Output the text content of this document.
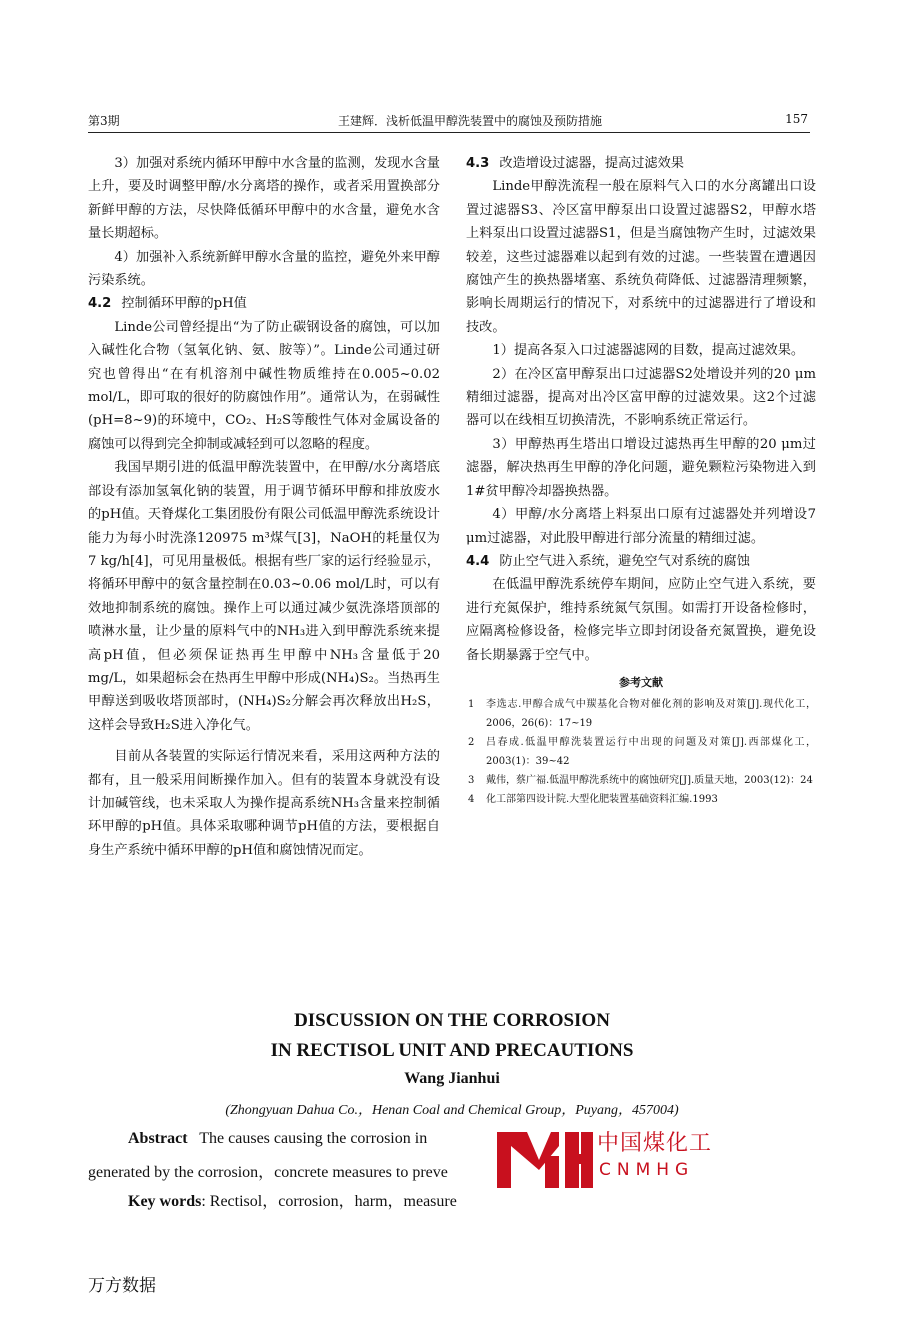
第3期	王建辉．浅析低温甲醇洗装置中的腐蚀及预防措施	157

3）加强对系统内循环甲醇中水含量的监测，发现水含量上升，要及时调整甲醇/水分离塔的操作，或者采用置换部分新鲜甲醇的方法，尽快降低循环甲醇中的水含量，避免水含量长期超标。

4）加强补入系统新鲜甲醇水含量的监控，避免外来甲醇污染系统。

4.2 控制循环甲醇的pH值

Linde公司曾经提出“为了防止碳钢设备的腐蚀，可以加入碱性化合物（氢氧化钠、氨、胺等）”。Linde公司通过研究也曾得出“在有机溶剂中碱性物质维持在0.005~0.02 mol/L，即可取的很好的防腐蚀作用”。通常认为，在弱碱性(pH=8~9)的环境中，CO₂、H₂S等酸性气体对金属设备的腐蚀可以得到完全抑制或减轻到可以忽略的程度。

我国早期引进的低温甲醇洗装置中，在甲醇/水分离塔底部设有添加氢氧化钠的装置，用于调节循环甲醇和排放废水的pH值。天脊煤化工集团股份有限公司低温甲醇洗系统设计能力为每小时洗涤120975 m³煤气[3]，NaOH的耗量仅为7 kg/h[4]，可见用量极低。根据有些厂家的运行经验显示，将循环甲醇中的氨含量控制在0.03~0.06 mol/L时，可以有效地抑制系统的腐蚀。操作上可以通过减少氨洗涤塔顶部的喷淋水量，让少量的原料气中的NH₃进入到甲醇洗系统来提高pH值，但必须保证热再生甲醇中NH₃含量低于20 mg/L，如果超标会在热再生甲醇中形成(NH₄)S₂。当热再生甲醇送到吸收塔顶部时，(NH₄)S₂分解会再次释放出H₂S，这样会导致H₂S进入净化气。

目前从各装置的实际运行情况来看，采用这两种方法的都有，且一般采用间断操作加入。但有的装置本身就没有设计加碱管线，也未采取人为操作提高系统NH₃含量来控制循环甲醇的pH值。具体采取哪种调节pH值的方法，要根据自身生产系统中循环甲醇的pH值和腐蚀情况而定。

4.3 改造增设过滤器，提高过滤效果

Linde甲醇洗流程一般在原料气入口的水分离罐出口设置过滤器S3、冷区富甲醇泵出口设置过滤器S2，甲醇水塔上料泵出口设置过滤器S1，但是当腐蚀物产生时，过滤效果较差，这些过滤器难以起到有效的过滤。一些装置在遭遇因腐蚀产生的换热器堵塞、系统负荷降低、过滤器清理频繁，影响长周期运行的情况下，对系统中的过滤器进行了增设和技改。

1）提高各泵入口过滤器滤网的目数，提高过滤效果。

2）在冷区富甲醇泵出口过滤器S2处增设并列的20 μm精细过滤器，提高对出冷区富甲醇的过滤效果。这2个过滤器可以在线相互切换清洗，不影响系统正常运行。

3）甲醇热再生塔出口增设过滤热再生甲醇的20 μm过滤器，解决热再生甲醇的净化问题，避免颗粒污染物进入到1#贫甲醇冷却器换热器。

4）甲醇/水分离塔上料泵出口原有过滤器处并列增设7 μm过滤器，对此股甲醇进行部分流量的精细过滤。

4.4 防止空气进入系统，避免空气对系统的腐蚀

在低温甲醇洗系统停车期间，应防止空气进入系统，要进行充氮保护，维持系统氮气氛围。如需打开设备检修时，应隔离检修设备，检修完毕立即封闭设备充氮置换，避免设备长期暴露于空气中。

参考文献
1 李选志.甲醇合成气中羰基化合物对催化剂的影响及对策[J].现代化工，2006，26(6)：17~19
2 吕春成.低温甲醇洗装置运行中出现的问题及对策[J].西部煤化工，2003(1)：39~42
3 戴伟，蔡广福.低温甲醇洗系统中的腐蚀研究[J].质量天地，2003(12)：24
4 化工部第四设计院.大型化肥装置基础资料汇编.1993
DISCUSSION ON THE CORROSION
IN RECTISOL UNIT AND PRECAUTIONS
Wang Jianhui
(Zhongyuan Dahua Co.，Henan Coal and Chemical Group，Puyang，457004)
Abstract The causes causing the corrosion in
generated by the corrosion，concrete measures to preve
Key words: Rectisol，corrosion，harm，measure
中国煤化工
CNMHG
万方数据
